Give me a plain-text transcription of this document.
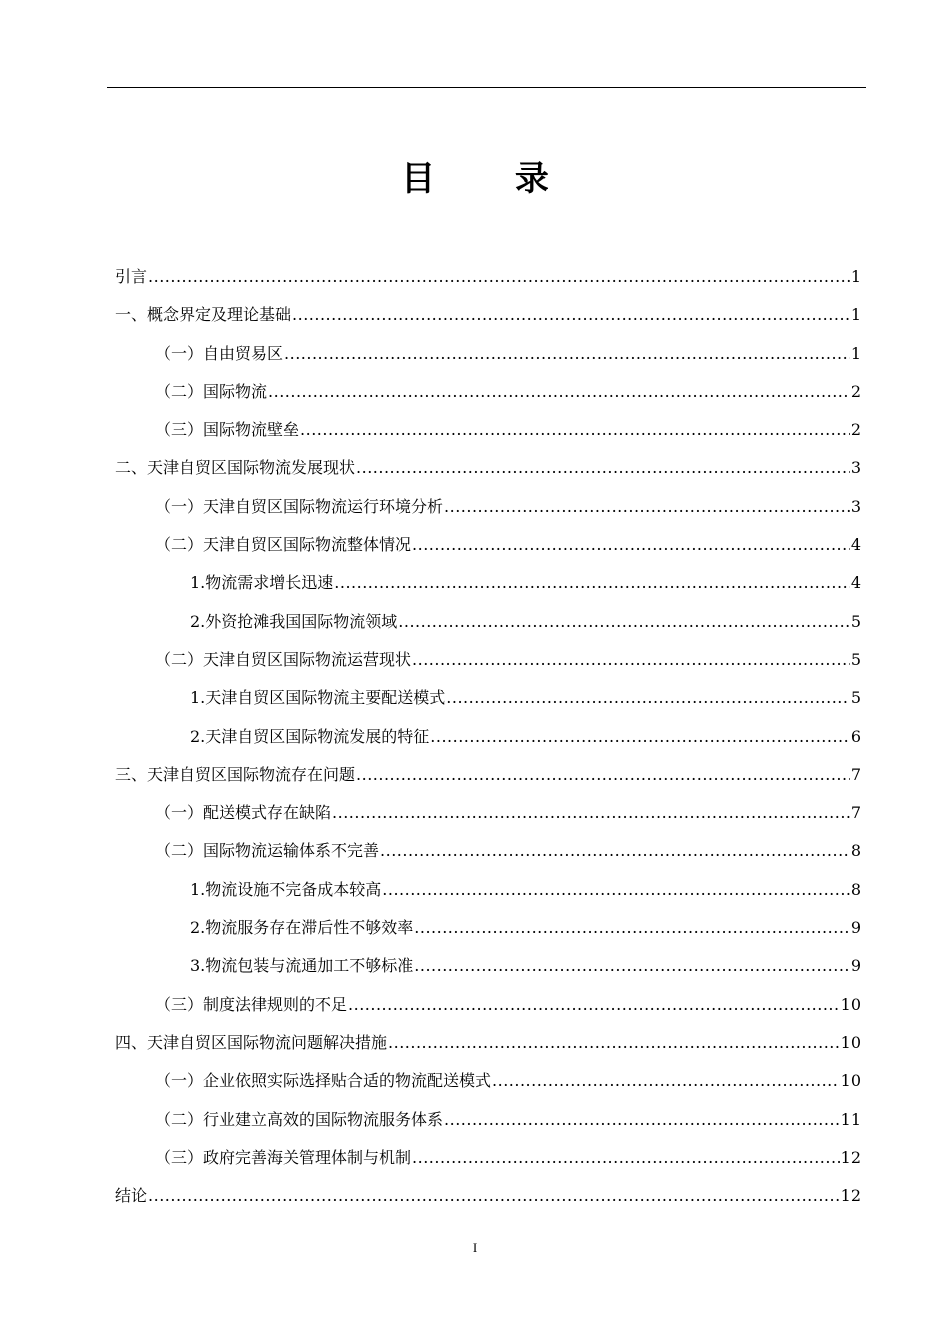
目 录
引言 .....	1
一、概念界定及理论基础 .....	1
（一）自由贸易区 .....	1
（二）国际物流 .....	2
（三）国际物流壁垒 .....	2
二、天津自贸区国际物流发展现状 .....	3
（一）天津自贸区国际物流运行环境分析 .....	3
（二）天津自贸区国际物流整体情况 .....	4
1.物流需求增长迅速 .....	4
2.外资抢滩我国国际物流领域 .....	5
（二）天津自贸区国际物流运营现状 .....	5
1.天津自贸区国际物流主要配送模式 .....	5
2.天津自贸区国际物流发展的特征 .....	6
三、天津自贸区国际物流存在问题 .....	7
（一）配送模式存在缺陷 .....	7
（二）国际物流运输体系不完善 .....	8
1.物流设施不完备成本较高 .....	8
2.物流服务存在滞后性不够效率 .....	9
3.物流包装与流通加工不够标准 .....	9
（三）制度法律规则的不足 .....	10
四、天津自贸区国际物流问题解决措施 .....	10
（一）企业依照实际选择贴合适的物流配送模式 .....	10
（二）行业建立高效的国际物流服务体系 .....	11
（三）政府完善海关管理体制与机制 .....	12
结论 .....	12
I
